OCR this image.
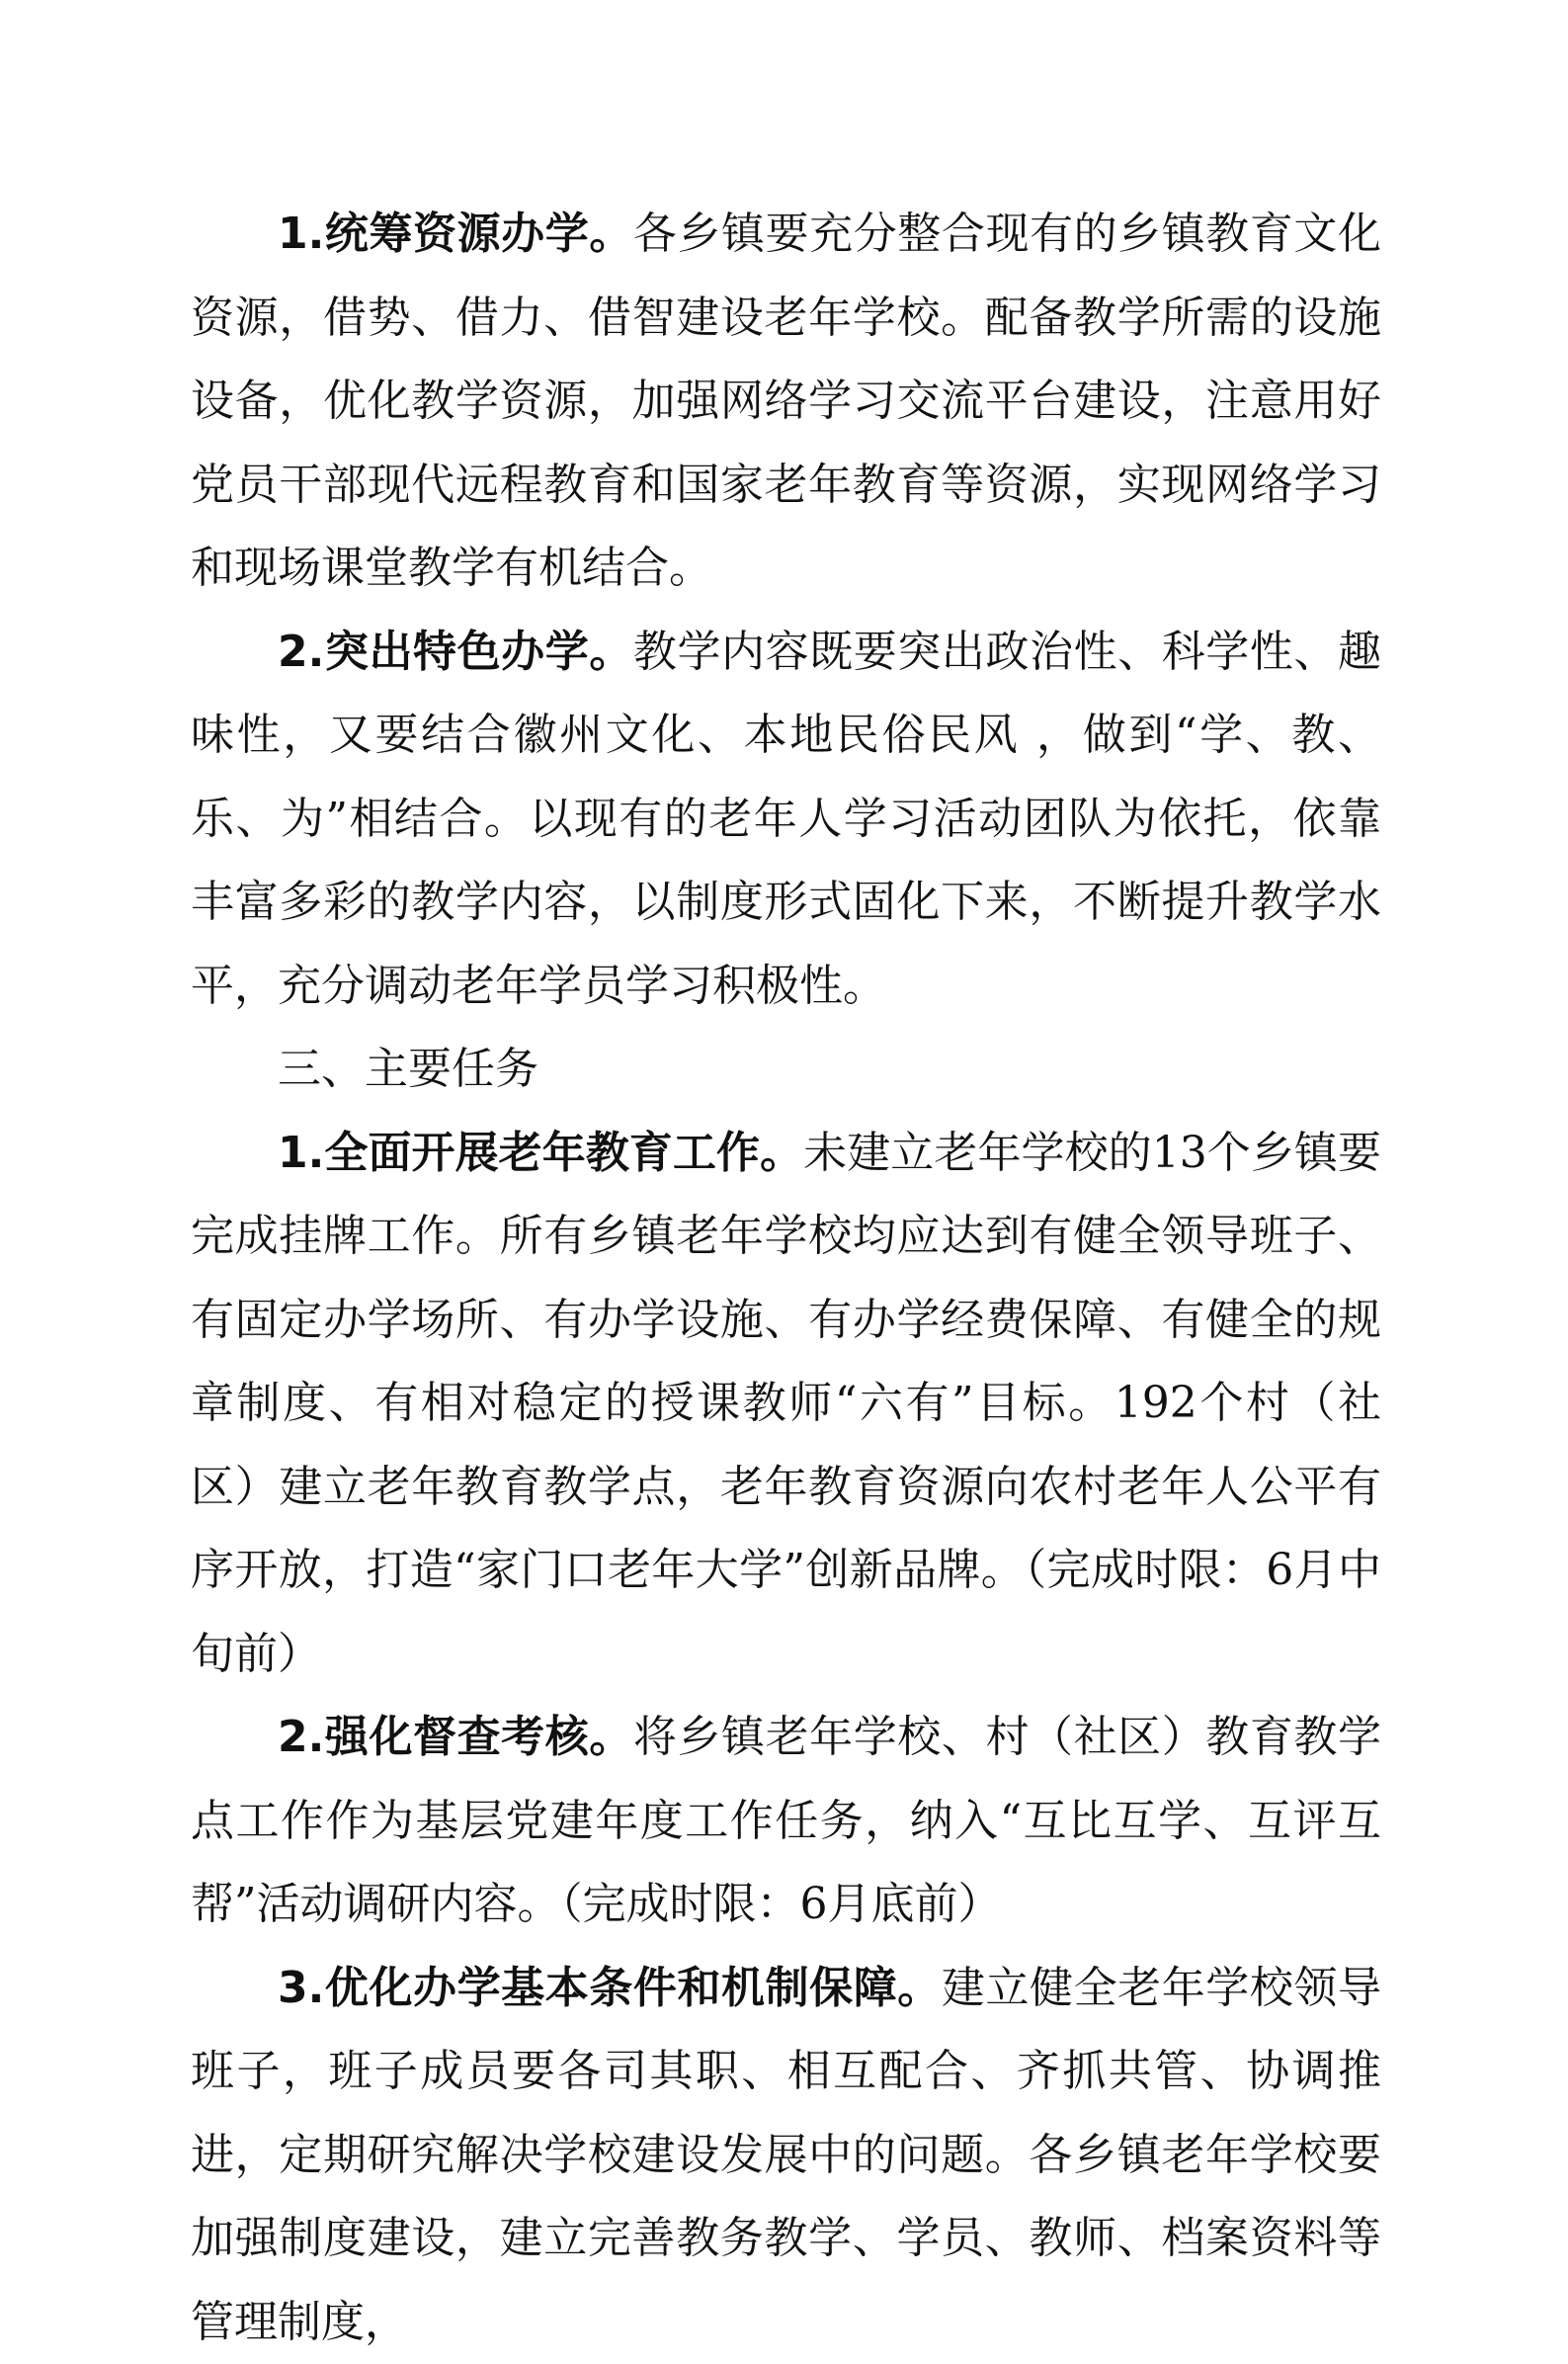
1.统筹资源办学。各乡镇要充分整合现有的乡镇教育文化资源，借势、借力、借智建设老年学校。配备教学所需的设施设备，优化教学资源，加强网络学习交流平台建设，注意用好党员干部现代远程教育和国家老年教育等资源，实现网络学习和现场课堂教学有机结合。

2.突出特色办学。教学内容既要突出政治性、科学性、趣味性，又要结合徽州文化、本地民俗民风 ，做到“学、教、乐、为”相结合。以现有的老年人学习活动团队为依托，依靠丰富多彩的教学内容，以制度形式固化下来，不断提升教学水平，充分调动老年学员学习积极性。

三、主要任务

1.全面开展老年教育工作。未建立老年学校的13个乡镇要完成挂牌工作。所有乡镇老年学校均应达到有健全领导班子、有固定办学场所、有办学设施、有办学经费保障、有健全的规章制度、有相对稳定的授课教师“六有”目标。192个村（社区）建立老年教育教学点，老年教育资源向农村老年人公平有序开放，打造“家门口老年大学”创新品牌。（完成时限：6月中旬前）

2.强化督查考核。将乡镇老年学校、村（社区）教育教学点工作作为基层党建年度工作任务，纳入“互比互学、互评互帮”活动调研内容。（完成时限：6月底前）

3.优化办学基本条件和机制保障。建立健全老年学校领导班子，班子成员要各司其职、相互配合、齐抓共管、协调推进，定期研究解决学校建设发展中的问题。各乡镇老年学校要加强制度建设，建立完善教务教学、学员、教师、档案资料等管理制度，
